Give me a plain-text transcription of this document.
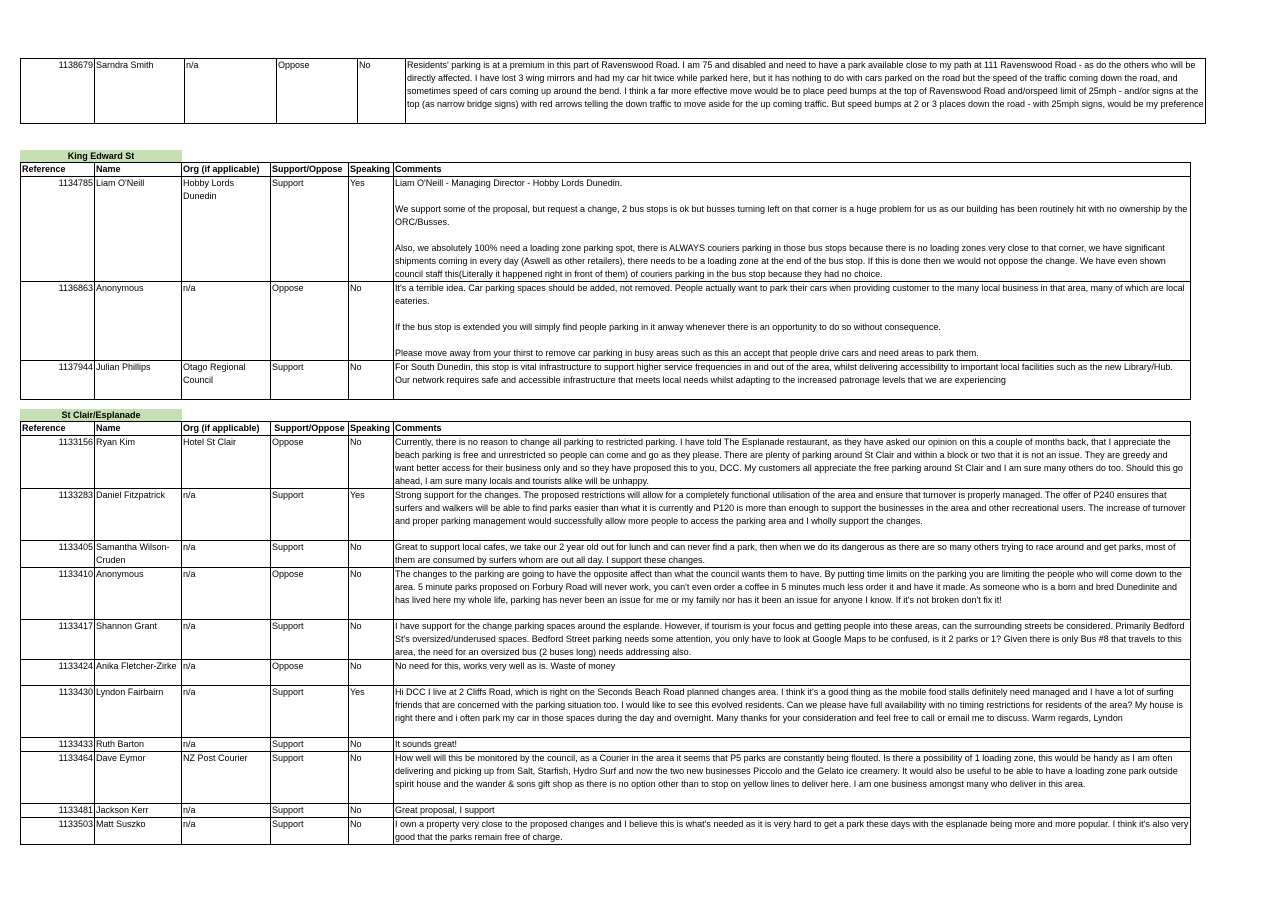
1138679	Sarndra Smith	n/a	Oppose	No	Residents' parking is at a premium in this part of Ravenswood Road. I am 75 and disabled and need to have a park available close to my path at 111 Ravenswood Road - as do the others who will be directly affected. I have lost 3 wing mirrors and had my car hit twice while parked here, but it has nothing to do with cars parked on the road but the speed of the traffic coming down the road, and sometimes speed of cars coming up around the bend. I think a far more effective move would be to place peed bumps at the top of Ravenswood Road and/orspeed limit of 25mph - and/or signs at the top (as narrow bridge signs) with red arrows telling the down traffic to move aside for the up coming traffic. But speed bumps at 2 or 3 places down the road - with 25mph signs, would be my preference
King Edward St
Reference	Name	Org (if applicable)	Support/Oppose	Speaking	Comments
1134785	Liam O'Neill	Hobby Lords Dunedin	Support	Yes	Liam O'Neill - Managing Director - Hobby Lords Dunedin.
We support some of the proposal, but request a change, 2 bus stops is ok but busses turning left on that corner is a huge problem for us as our building has been routinely hit with no ownership by the ORC/Busses.
Also, we absolutely 100% need a loading zone parking spot, there is ALWAYS couriers parking in those bus stops because there is no loading zones very close to that corner, we have significant shipments coming in every day (Aswell as other retailers), there needs to be a loading zone at the end of the bus stop. If this is done then we would not oppose the change. We have even shown council staff this(Literally it happened right in front of them) of couriers parking in the bus stop because they had no choice.

1136863	Anonymous	n/a	Oppose	No	It's a terrible idea. Car parking spaces should be added, not removed. People actually want to park their cars when providing customer to the many local business in that area, many of which are local eateries.
If the bus stop is extended you will simply find people parking in it anway whenever there is an opportunity to do so without consequence.
Please move away from your thirst to remove car parking in busy areas such as this an accept that people drive cars and need areas to park them.

1137944	Julian Phillips	Otago Regional Council	Support	No	For South Dunedin, this stop is vital infrastructure to support higher service frequencies in and out of the area, whilst delivering accessibility to important local facilities such as the new Library/Hub. Our network requires safe and accessible infrastructure that meets local needs whilst adapting to the increased patronage levels that we are experiencing
St Clair/Esplanade
Reference	Name	Org (if applicable)	Support/Oppose	Speaking	Comments
1133156	Ryan Kim	Hotel St Clair	Oppose	No	Currently, there is no reason to change all parking to restricted parking. I have told The Esplanade restaurant, as they have asked our opinion on this a couple of months back, that I appreciate the beach parking is free and unrestricted so people can come and go as they please. There are plenty of parking around St Clair and within a block or two that it is not an issue. They are greedy and want better access for their business only and so they have proposed this to you, DCC. My customers all appreciate the free parking around St Clair and I am sure many others do too. Should this go ahead, I am sure many locals and tourists alike will be unhappy.
1133283	Daniel Fitzpatrick	n/a	Support	Yes	Strong support for the changes. The proposed restrictions will allow for a completely functional utilisation of the area and ensure that turnover is properly managed. The offer of P240 ensures that surfers and walkers will be able to find parks easier than what it is currently and P120 is more than enough to support the businesses in the area and other recreational users. The increase of turnover and proper parking management would successfully allow more people to access the parking area and I wholly support the changes.
1133405	Samantha Wilson-Cruden	n/a	Support	No	Great to support local cafes, we take our 2 year old out for lunch and can never find a park, then when we do its dangerous as there are so many others trying to race around and get parks, most of them are consumed by surfers whom are out all day. I support these changes.
1133410	Anonymous	n/a	Oppose	No	The changes to the parking are going to have the opposite affect than what the council wants them to have. By putting time limits on the parking you are limiting the people who will come down to the area. 5 minute parks proposed on Forbury Road will never work, you can't even order a coffee in 5 minutes much less order it and have it made. As someone who is a born and bred Dunedinite and has lived here my whole life, parking has never been an issue for me or my family nor has it been an issue for anyone I know. If it's not broken don't fix it!
1133417	Shannon Grant	n/a	Support	No	I have support for the change parking spaces around the esplande. However, if tourism is your focus and getting people into these areas, can the surrounding streets be considered. Primarily Bedford St's oversized/underused spaces. Bedford Street parking needs some attention, you only have to look at Google Maps to be confused, is it 2 parks or 1? Given there is only Bus #8 that travels to this area, the need for an oversized bus (2 buses long) needs addressing also.
1133424	Anika Fletcher-Zirke	n/a	Oppose	No	No need for this, works very well as is. Waste of money
1133430	Lyndon Fairbairn	n/a	Support	Yes	Hi DCC I live at 2 Cliffs Road, which is right on the Seconds Beach Road planned changes area. I think it's a good thing as the mobile food stalls definitely need managed and I have a lot of surfing friends that are concerned with the parking situation too. I would like to see this evolved residents. Can we please have full availability with no timing restrictions for residents of the area? My house is right there and i often park my car in those spaces during the day and overnight. Many thanks for your consideration and feel free to call or email me to discuss. Warm regards, Lyndon
1133433	Ruth Barton	n/a	Support	No	It sounds great!
1133464	Dave Eymor	NZ Post Courier	Support	No	How well will this be monitored by the council, as a Courier in the area it seems that P5 parks are constantly being flouted. Is there a possibility of 1 loading zone, this would be handy as I am often delivering and picking up from Salt, Starfish, Hydro Surf and now the two new businesses Piccolo and the Gelato ice creamery. It would also be useful to be able to have a loading zone park outside spirit house and the wander & sons gift shop as there is no option other than to stop on yellow lines to deliver here. I am one business amongst many who deliver in this area.
1133481	Jackson Kerr	n/a	Support	No	Great proposal, I support
1133503	Matt Suszko	n/a	Support	No	I own a property very close to the proposed changes and I believe this is what's needed as it is very hard to get a park these days with the esplanade being more and more popular. I think it's also very good that the parks remain free of charge.
